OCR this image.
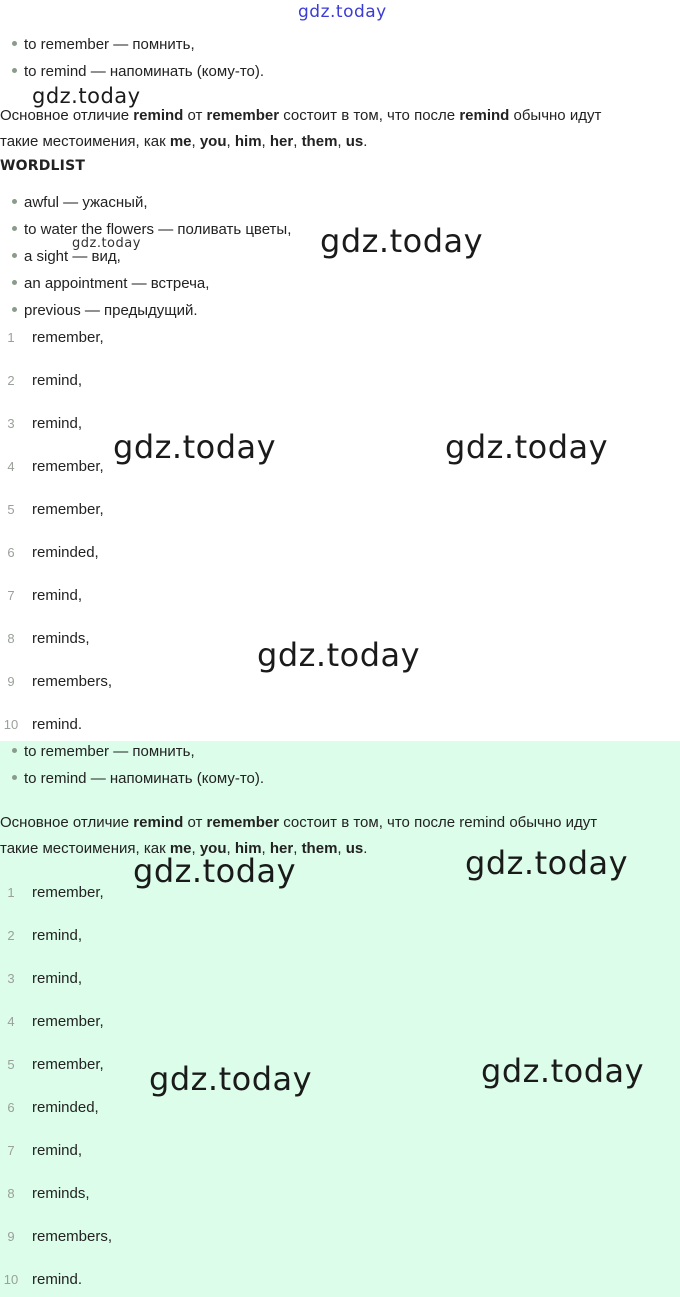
to remember — помнить,
to remind — напоминать (кому-то).
Основное отличие remind от remember состоит в том, что после remind обычно идут
такие местоимения, как me, you, him, her, them, us.
WORDLIST
awful — ужасный,
to water the flowers — поливать цветы,
a sight — вид,
an appointment — встреча,
previous — предыдущий.
1	remember,
2	remind,
3	remind,
4	remember,
5	remember,
6	reminded,
7	remind,
8	reminds,
9	remembers,
10 remind.
to remember — помнить,
to remind — напоминать (кому-то).
Основное отличие remind от remember состоит в том, что после remind обычно идут
такие местоимения, как me, you, him, her, them, us.
1	remember,
2	remind,
3	remind,
4	remember,
5	remember,
6	reminded,
7	remind,
8	reminds,
9	remembers,
10 remind.
gdz.today
gdz.today
gdz.today
gdz.today
gdz.today	gdz.today
gdz.today
gdz.today
gdz.today
gdz.today
gdz.today
